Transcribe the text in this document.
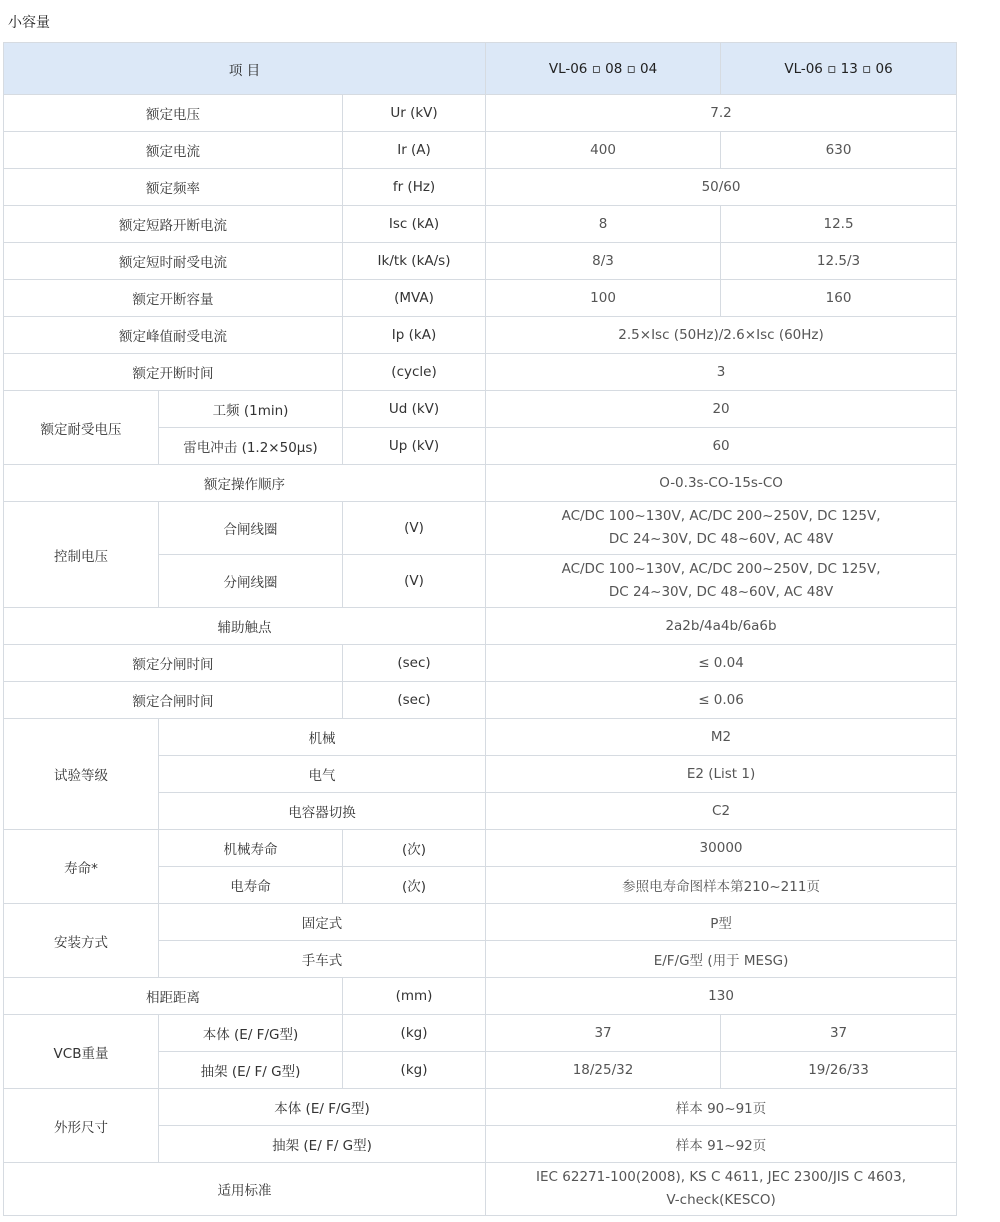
小容量
项 目			VL-06 ▫ 08 ▫ 04	VL-06 ▫ 13 ▫ 06
额定电压		Ur (kV)	7.2	
额定电流		Ir (A)	400	630
额定频率		fr (Hz)	50/60	
额定短路开断电流		Isc (kA)	8	12.5
额定短时耐受电流		Ik/tk (kA/s)	8/3	12.5/3
额定开断容量		(MVA)	100	160
额定峰值耐受电流		Ip (kA)	2.5×Isc (50Hz)/2.6×Isc (60Hz)	
额定开断时间		(cycle)	3	
额定耐受电压	工频 (1min)	Ud (kV)	20	
	雷电冲击 (1.2×50μs)	Up (kV)	60	
额定操作顺序			O-0.3s-CO-15s-CO	
控制电压	合闸线圈	(V)	AC/DC 100~130V, AC/DC 200~250V, DC 125V,
DC 24~30V, DC 48~60V, AC 48V	

	分闸线圈	(V)	AC/DC 100~130V, AC/DC 200~250V, DC 125V,
DC 24~30V, DC 48~60V, AC 48V	

辅助触点			2a2b/4a4b/6a6b	
额定分闸时间		(sec)	≤ 0.04	
额定合闸时间		(sec)	≤ 0.06	
试验等级	机械		M2	
	电气		E2 (List 1)	
	电容器切换		C2	
寿命*	机械寿命	(次)	30000	
	电寿命	(次)	参照电寿命图样本第210~211页	
安装方式	固定式		P型	
	手车式		E/F/G型 (用于 MESG)	
相距距离		(mm)	130	
VCB重量	本体 (E/ F/G型)	(kg)	37	37
	抽架 (E/ F/ G型)	(kg)	18/25/32	19/26/33
外形尺寸	本体 (E/ F/G型)		样本 90~91页	
	抽架 (E/ F/ G型)		样本 91~92页	
适用标准			IEC 62271-100(2008), KS C 4611, JEC 2300/JIS C 4603,
V-check(KESCO)	
